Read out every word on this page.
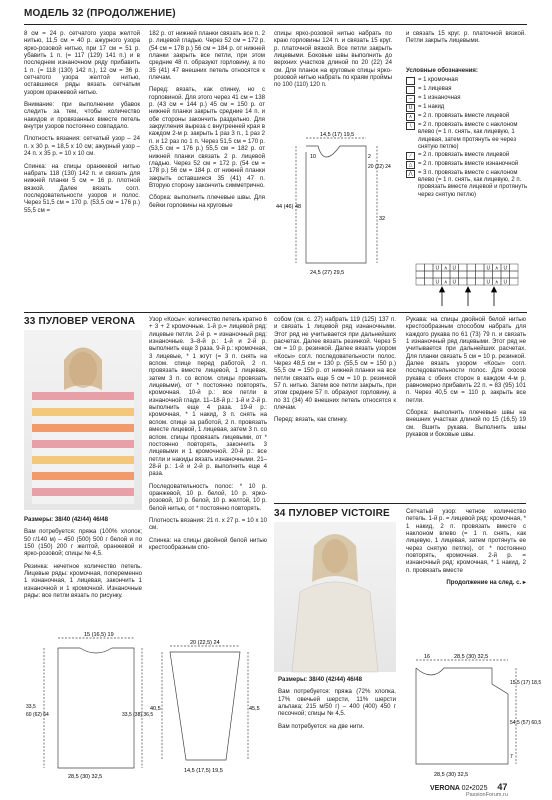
МОДЕЛЬ 32 (ПРОДОЛЖЕНИЕ)

8 см = 24 р. сетчатого узора желтой нитью, 11,5 см = 40 р. ажурного узора ярко-розовой нитью, при 17 см = 51 р. убавить 1 п. (= 117 (129) 141 п.) и в последнем изнаночном ряду прибавить 1 п. (= 118 (130) 142 п.), 12 см = 36 р. сетчатого узора желтой нитью, оставшиеся ряды вязать сетчатым узором оранжевой нитью.

Внимание: при выполнении убавок следить за тем, чтобы количество накидов и провязанных вместе петель внутри узоров постоянно совпадало.

Плотность вязания: сетчатый узор – 24 п. х 30 р. = 18,5 х 10 см; ажурный узор – 24 п. х 35 р. = 10 х 10 см.

Спинка: на спицы оранжевой нитью набрать 118 (130) 142 п. и связать для нижней планки 5 см = 16 р. плотной вязкой. Далее вязать согл. последовательности узоров и полос. Через 51,5 см = 170 р. (53,5 см = 176 р.) 55,5 см =

182 р. от нижней планки связать все п. 2 р. лицевой гладью. Через 52 см = 172 р. (54 см = 178 р.) 56 см = 184 р. от нижней планки закрыть все петли, при этом средние 48 п. образуют горловину, а по 35 (41) 47 внешних петель относятся к плечам.

Перед: вязать, как спинку, но с горловиной. Для этого через 41 см = 138 р. (43 см = 144 р.) 45 см = 150 р. от нижней планки закрыть средние 14 п. и обе стороны закончить раздельно. Для закругления выреза с внутренней края в каждом 2-м р. закрыть 1 раз 3 п., 1 раз 2 п. и 12 раз по 1 п. Через 51,5 см = 170 р. (53,5 см = 176 р.) 55,5 см = 182 р. от нижней планки связать 2 р. лицевой гладью. Через 52 см = 172 р. (54 см = 178 р.) 56 см = 184 р. от нижней планки закрыть оставшиеся 35 (41) 47 п. Вторую сторону закончить симметрично.

Сборка: выполнить плечевые швы. Для бейки горловины на круговые

спицы ярко-розовой нитью набрать по краю горловины 124 п. и связать 15 круг. р. платочной вязкой. Все петли закрыть лицевыми. Боковые швы выполнить до верхних участков длиной по 20 (22) 24 см. Для планок на круговые спицы ярко-розовой нитью набрать по краям проймы по 100 (110) 120 п.

14,5 (17) 19,5
10
20 (22) 24
2
44 (46) 48
32
24,5 (27) 29,5

и связать 15 круг. р. платочной вязкой. Петли закрыть лицевыми.

Условные обозначения:
= 1 кромочная
= 1 лицевая
–	= 1 изнаночная
U = 1 накид
∧ = 2 п. провязать вместе лицевой
∖ = 2 п. провязать вместе с наклоном влево (= 1 п. снять, как лицевую, 1 лицевая, затем протянуть ее через снятую петлю)
∕	= 2 п. провязать вместе лицевой
△ = 2 п. провязать вместе изнаночной
⋀ = 3 п. провязать вместе с наклоном влево (= 1 п. снять, как лицевую, 2 п. провязать вместе лицевой и протянуть через снятую петлю)
U ∧ U	U ∧ U
U ∧ U	U ∧ U
33 ПУЛОВЕР VERONA

Размеры: 38/40 (42/44) 46/48

Вам потребуется: пряжа (100% хлопок; 50 г/140 м) – 450 (500) 500 г белой и по 150 (150) 200 г желтой, оранжевой и ярко-розовой; спицы № 4,5.

Резинка: нечетное количество петель. Лицевые ряды: кромочная, попеременно 1 изнаночная, 1 лицевая, закончить 1 изнаночной и 1 кромочной. Изнаночные ряды: все петли вязать по рисунку.

15 (16,5) 19
33,5
60 (62) 64	33,5 (38) 36,5
28,5 (30) 32,5

Узор «Косы»: количество петель кратно 6 + 3 + 2 кромочные. 1-й р.= лицевой ряд: лицевые петли. 2-й р. = изнаночный ряд: изнаночные. 3–8-й р.: 1-й и 2-й р. выполнить еще 3 раза. 9-й р.: кромочная, 3 лицевые, * 1 жгут (= 3 п. снять на вспом. спице перед работой, 2 п. провязать вместе лицевой, 1 лицевая, затем 3 п. со вспом. спицы провязать лицевыми), от * постоянно повторять, кромочная. 10-й р.: все петли в изнаночной глади. 11–18-й р.: 1-й и 2-й р. выполнить еще 4 раза. 19-й р.: кромочная, * 1 накид, 3 п. снять на вспом. спице за работой, 2 п. провязать вместе лицевой, 1 лицевая, затем 3 п. со вспом. спицы провязать лицевыми, от * постоянно повторять, закончить 3 лицевыми и 1 кромочной. 20-й р.: все петли и накиды вязать изнаночными. 21–28-й р.: 1-й и 2-й р. выполнить еще 4 раза.

Последовательность полос: * 10 р. оранжевой, 10 р. белой, 10 р. ярко-розовой, 10 р. белой, 10 р. желтой, 10 р. белой нитью, от * постоянно повторять.

Плотность вязания: 21 п. x 27 р. = 10 x 10 см.

Спинка: на спицы двойной белой нитью крестообразным спо-

20 (22,5) 24
40,5	45,5
14,5 (17,5) 19,5

собом (см. с. 27) набрать 119 (125) 137 п. и связать 1 лицевой ряд изнаночными. Этот ряд не учитывается при дальнейших расчетах. Далее вязать резинкой. Через 5 см = 10 р. резинкой. Далее вязать узором «Косы» согл. последовательности полос. Через 48,5 см = 130 р. (55,5 см = 150 р.) 55,5 см = 150 р. от нижней планки на все петли связать еще 5 см = 10 р. резинкой 57 п. нитью. Затем все петли закрыть, при этом средние 57 п. образуют горловину, а по 31 (34) 40 внешних петель относятся к плечам.

Перед: вязать, как спинку.

Рукава: на спицы двойной белой нитью крестообразным способом набрать для каждого рукава по 61 (73) 79 п. и связать 1 изнаночный ряд лицевыми. Этот ряд не учитывается при дальнейших расчетах. Для планки связать 5 см = 10 р. резинкой. Далее вязать узором «Косы» согл. последовательности полос. Для скосов рукава с обеих сторон в каждом 4-м р. равномерно прибавить 22 п. = 83 (95) 101 п. Через 40,5 см = 110 р. закрыть все петли.

Сборка: выполнить плечевые швы на внешних участках длиной по 15 (16,5) 19 см. Вшить рукава. Выполнить швы рукавов и боковые швы.

34 ПУЛОВЕР VICTOIRE

Размеры: 38/40 (42/44) 46/48

Вам потребуется: пряжа (72% хлопка, 17% овечьей шерсти, 11% шерсти альпака; 215 м/50 г) – 400 (400) 450 г песочной; спицы № 4,5.

Вам потребуется: на две нити.

Сетчатый узор: четное количество петель. 1-й р. = лицевой ряд: кромочная, * 1 накид, 2 п. провязать вместе с наклоном влево (= 1 п. снять, как лицевую, 1 лицевая, затем протянуть ее через снятую петлю), от * постоянно повторять, кромочная. 2-й р. = изнаночный ряд: кромочная, * 1 накид, 2 п. провязать вместе

Продолжение на след. с. ▸

16	28,5 (30) 32,5
15,5 (17) 18,5
54,5 (57) 60,5
7
28,5 (30) 32,5
VERONA 02•2025 47
PassionForum.ru
